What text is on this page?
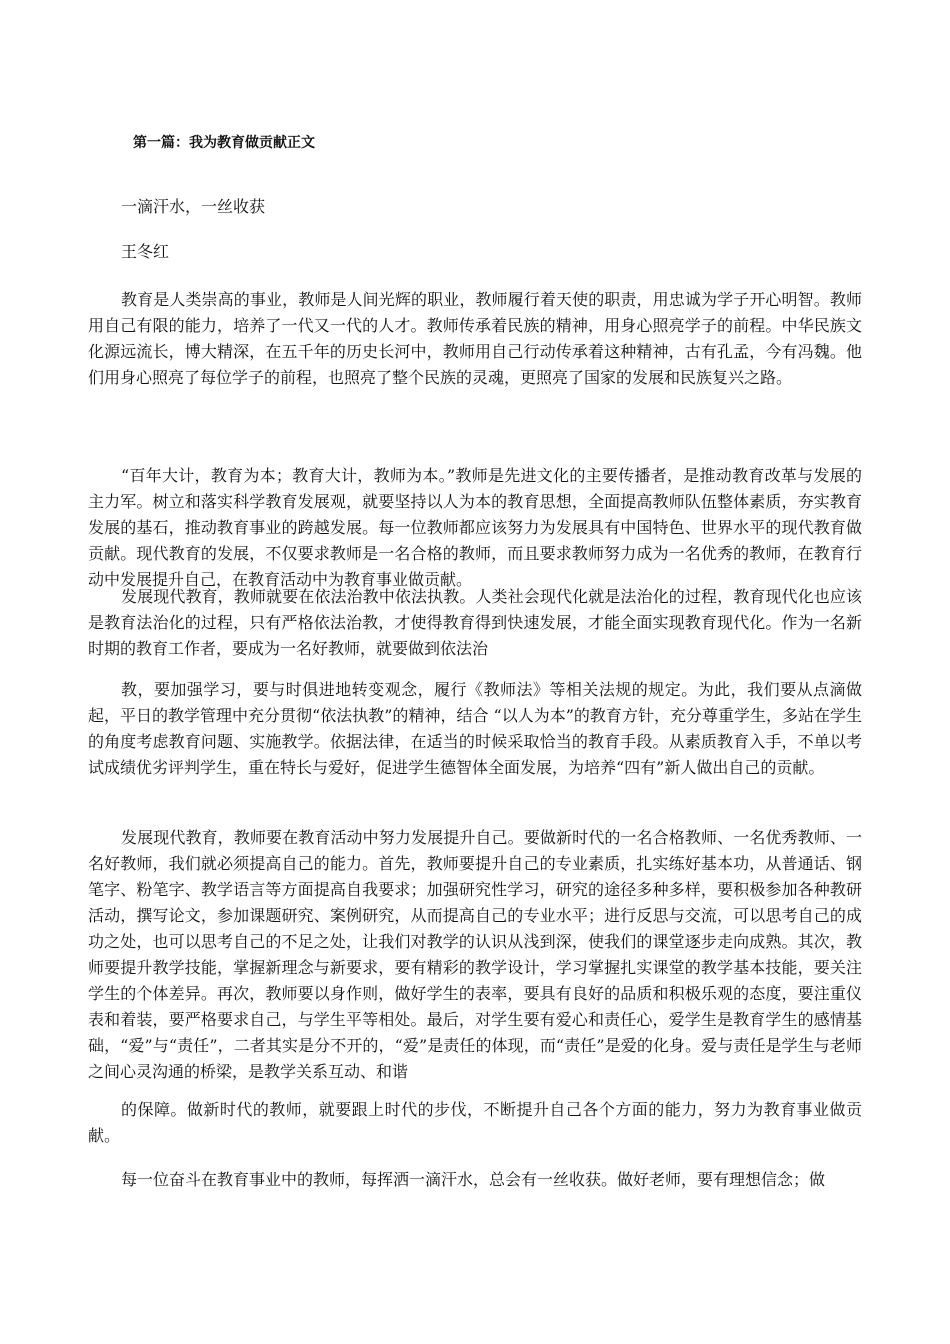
第一篇：我为教育做贡献正文
一滴汗水，一丝收获
王冬红

教育是人类崇高的事业，教师是人间光辉的职业，教师履行着天使的职责，用忠诚为学子开心明智。教师用自己有限的能力，培养了一代又一代的人才。教师传承着民族的精神，用身心照亮学子的前程。中华民族文化源远流长，博大精深，在五千年的历史长河中，教师用自己行动传承着这种精神，古有孔孟，今有冯魏。他们用身心照亮了每位学子的前程，也照亮了整个民族的灵魂，更照亮了国家的发展和民族复兴之路。

“百年大计，教育为本；教育大计，教师为本。”教师是先进文化的主要传播者，是推动教育改革与发展的主力军。树立和落实科学教育发展观，就要坚持以人为本的教育思想，全面提高教师队伍整体素质，夯实教育发展的基石，推动教育事业的跨越发展。每一位教师都应该努力为发展具有中国特色、世界水平的现代教育做贡献。现代教育的发展，不仅要求教师是一名合格的教师，而且要求教师努力成为一名优秀的教师，在教育行动中发展提升自己，在教育活动中为教育事业做贡献。

发展现代教育，教师就要在依法治教中依法执教。人类社会现代化就是法治化的过程，教育现代化也应该是教育法治化的过程，只有严格依法治教，才使得教育得到快速发展，才能全面实现教育现代化。作为一名新时期的教育工作者，要成为一名好教师，就要做到依法治

教，要加强学习，要与时俱进地转变观念，履行《教师法》等相关法规的规定。为此，我们要从点滴做起，平日的教学管理中充分贯彻“依法执教”的精神，结合 “以人为本”的教育方针，充分尊重学生，多站在学生的角度考虑教育问题、实施教学。依据法律，在适当的时候采取恰当的教育手段。从素质教育入手，不单以考试成绩优劣评判学生，重在特长与爱好，促进学生德智体全面发展，为培养“四有”新人做出自己的贡献。

发展现代教育，教师要在教育活动中努力发展提升自己。要做新时代的一名合格教师、一名优秀教师、一名好教师，我们就必须提高自己的能力。首先，教师要提升自己的专业素质，扎实练好基本功，从普通话、钢笔字、粉笔字、教学语言等方面提高自我要求；加强研究性学习，研究的途径多种多样，要积极参加各种教研活动，撰写论文，参加课题研究、案例研究，从而提高自己的专业水平；进行反思与交流，可以思考自己的成功之处，也可以思考自己的不足之处，让我们对教学的认识从浅到深，使我们的课堂逐步走向成熟。其次，教师要提升教学技能，掌握新理念与新要求，要有精彩的教学设计，学习掌握扎实课堂的教学基本技能，要关注学生的个体差异。再次，教师要以身作则，做好学生的表率，要具有良好的品质和积极乐观的态度，要注重仪表和着装，要严格要求自己，与学生平等相处。最后，对学生要有爱心和责任心，爱学生是教育学生的感情基础，“爱”与“责任”，二者其实是分不开的，“爱”是责任的体现，而“责任”是爱的化身。爱与责任是学生与老师之间心灵沟通的桥梁，是教学关系互动、和谐

的保障。做新时代的教师，就要跟上时代的步伐，不断提升自己各个方面的能力，努力为教育事业做贡献。

每一位奋斗在教育事业中的教师，每挥洒一滴汗水，总会有一丝收获。做好老师，要有理想信念；做
